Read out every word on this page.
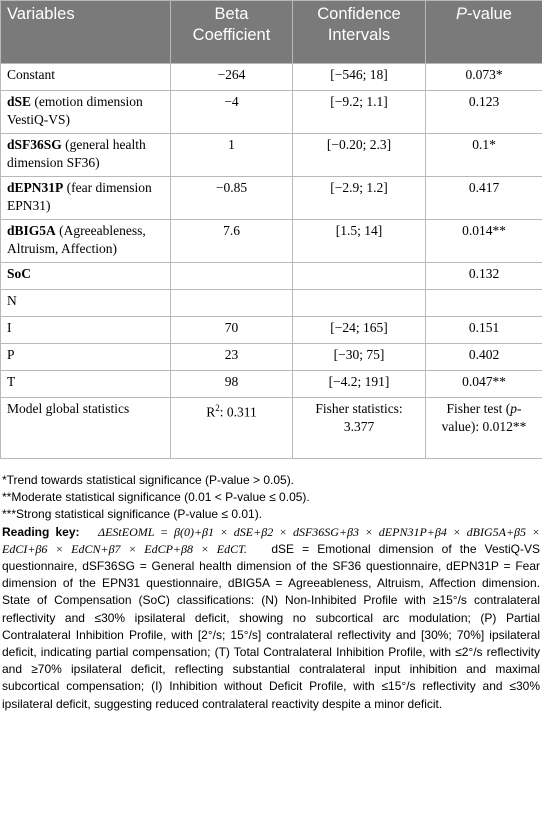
Variables	Beta Coefficient	Confidence Intervals	P-value
Constant	−264	[−546; 18]	0.073*
dSE (emotion dimension VestiQ-VS)	−4	[−9.2; 1.1]	0.123
dSF36SG (general health dimension SF36)	1	[−0.20; 2.3]	0.1*
dEPN31P (fear dimension EPN31)	−0.85	[−2.9; 1.2]	0.417
dBIG5A (Agreeableness, Altruism, Affection)	7.6	[1.5; 14]	0.014**
SoC			0.132
N			
I	70	[−24; 165]	0.151
P	23	[−30; 75]	0.402
T	98	[−4.2; 191]	0.047**
Model global statistics	$R^2$: 0.311	Fisher statistics: 3.377	Fisher test (p-value): 0.012**

*Trend towards statistical significance (P-value > 0.05).

**Moderate statistical significance (0.01 < P-value ≤ 0.05).

***Strong statistical significance (P-value ≤ 0.01).

Reading key: ΔEStEOML = β(0)+β1 × dSE+β2 × dSF36SG+β3 × dEPN31P+β4 × dBIG5A+β5 × EdCI+β6 × EdCN+β7 × EdCP+β8 × EdCT. dSE = Emotional dimension of the VestiQ-VS questionnaire, dSF36SG = General health dimension of the SF36 questionnaire, dEPN31P = Fear dimension of the EPN31 questionnaire, dBIG5A = Agreeableness, Altruism, Affection dimension. State of Compensation (SoC) classifications: (N) Non-Inhibited Profile with ≥15°/s contralateral reflectivity and ≤30% ipsilateral deficit, showing no subcortical arc modulation; (P) Partial Contralateral Inhibition Profile, with [2°/s; 15°/s] contralateral reflectivity and [30%; 70%] ipsilateral deficit, indicating partial compensation; (T) Total Contralateral Inhibition Profile, with ≤2°/s reflectivity and ≥70% ipsilateral deficit, reflecting substantial contralateral input inhibition and maximal subcortical compensation; (I) Inhibition without Deficit Profile, with ≤15°/s reflectivity and ≤30% ipsilateral deficit, suggesting reduced contralateral reactivity despite a minor deficit.
